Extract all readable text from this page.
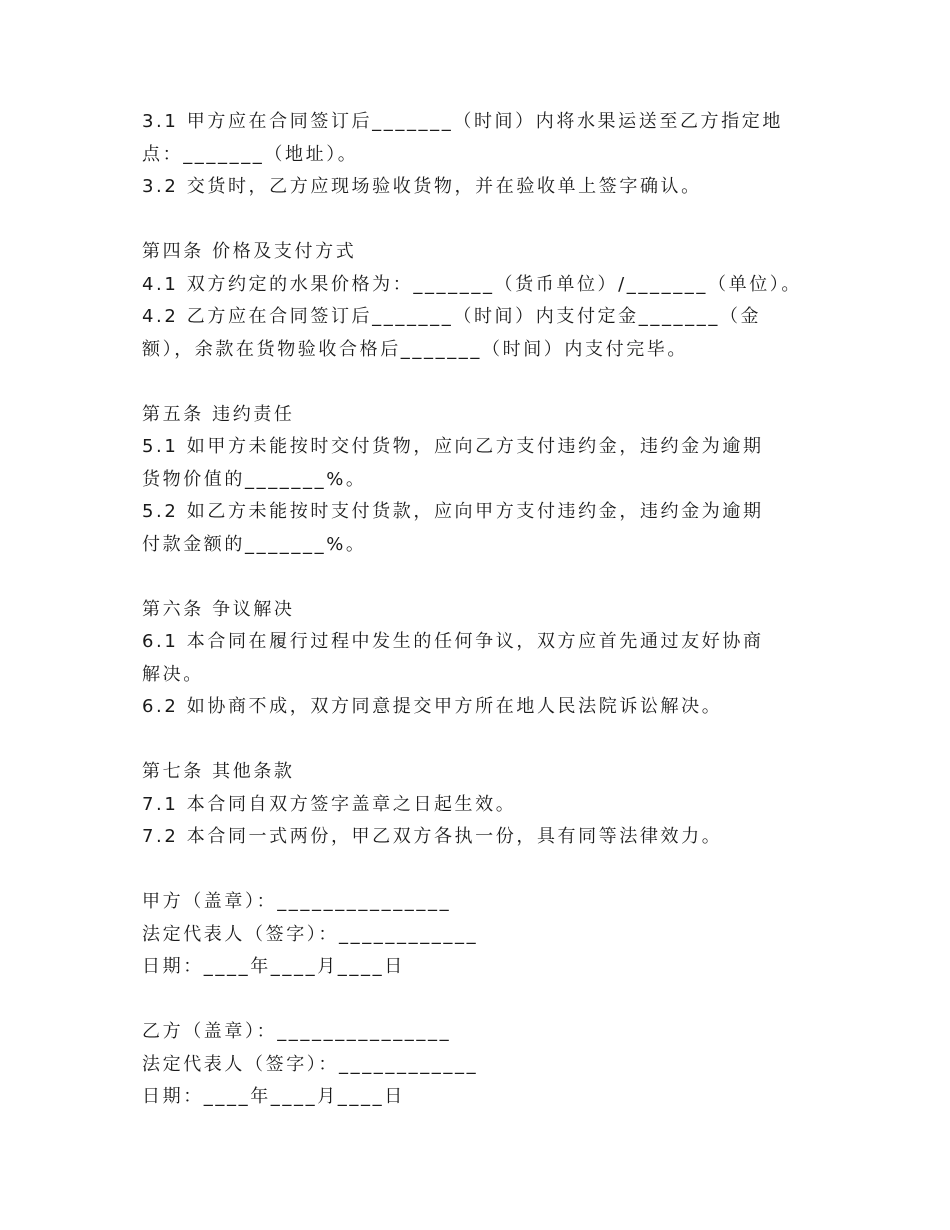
3.1 甲方应在合同签订后_______（时间）内将水果运送至乙方指定地
点：_______（地址）。
3.2 交货时，乙方应现场验收货物，并在验收单上签字确认。
第四条 价格及支付方式
4.1 双方约定的水果价格为：_______（货币单位）/_______（单位）。
4.2 乙方应在合同签订后_______（时间）内支付定金_______（金
额），余款在货物验收合格后_______（时间）内支付完毕。
第五条 违约责任
5.1 如甲方未能按时交付货物，应向乙方支付违约金，违约金为逾期
货物价值的_______%。
5.2 如乙方未能按时支付货款，应向甲方支付违约金，违约金为逾期
付款金额的_______%。
第六条 争议解决
6.1 本合同在履行过程中发生的任何争议，双方应首先通过友好协商
解决。
6.2 如协商不成，双方同意提交甲方所在地人民法院诉讼解决。
第七条 其他条款
7.1 本合同自双方签字盖章之日起生效。
7.2 本合同一式两份，甲乙双方各执一份，具有同等法律效力。
甲方（盖章）：_______________
法定代表人（签字）：____________
日期：____年____月____日
乙方（盖章）：_______________
法定代表人（签字）：____________
日期：____年____月____日
